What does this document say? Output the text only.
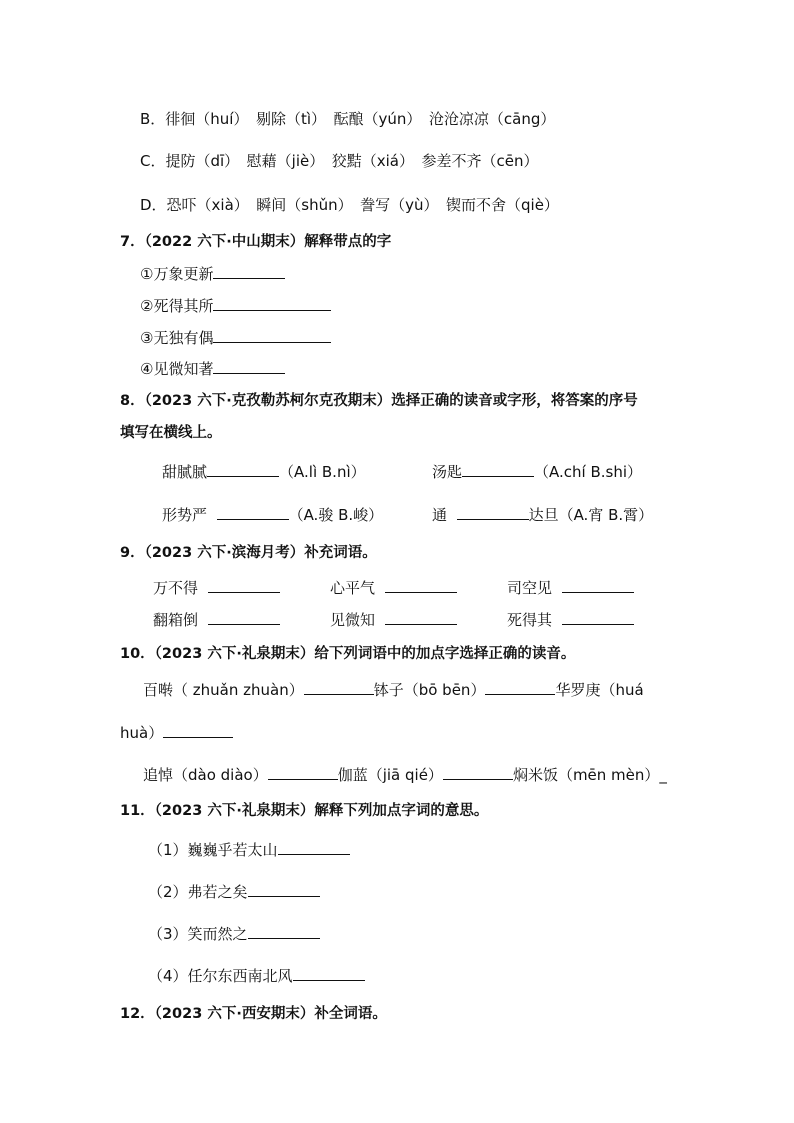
B．徘徊（huí）　剔除（tì）　酝酿（yún）　沧沧凉凉（cāng）
C．提防（dī）　慰藉（jiè）　狡黠（xiá）　参差不齐（cēn）
D．恐吓（xià）　瞬间（shǔn）　誊写（yù）　锲而不舍（qiè）
7．（2022 六下·中山期末）解释带点的字
①万象更新
②死得其所
③无独有偶
④见微知著
8．（2023 六下·克孜勒苏柯尔克孜期末）选择正确的读音或字形，将答案的序号
填写在横线上。
甜腻腻	（A.lì B.nì）	汤匙	（A.chí B.shi）
形势严	（A.骏 B.峻）	通	达旦（A.宵 B.霄）
9．（2023 六下·滨海月考）补充词语。
万不得	心平气	司空见
翻箱倒	见微知	死得其
10．（2023 六下·礼泉期末）给下列词语中的加点字选择正确的读音。
百啭（ zhuǎn zhuàn）	钵子（bō bēn）	华罗庚（huá
huà）
追悼（dào diào）	伽蓝（jiā qié）	焖米饭（mēn mèn）_
11．（2023 六下·礼泉期末）解释下列加点字词的意思。
（1）巍巍乎若太山
（2）弗若之矣
（3）笑而然之
（4）任尔东西南北风
12．（2023 六下·西安期末）补全词语。
